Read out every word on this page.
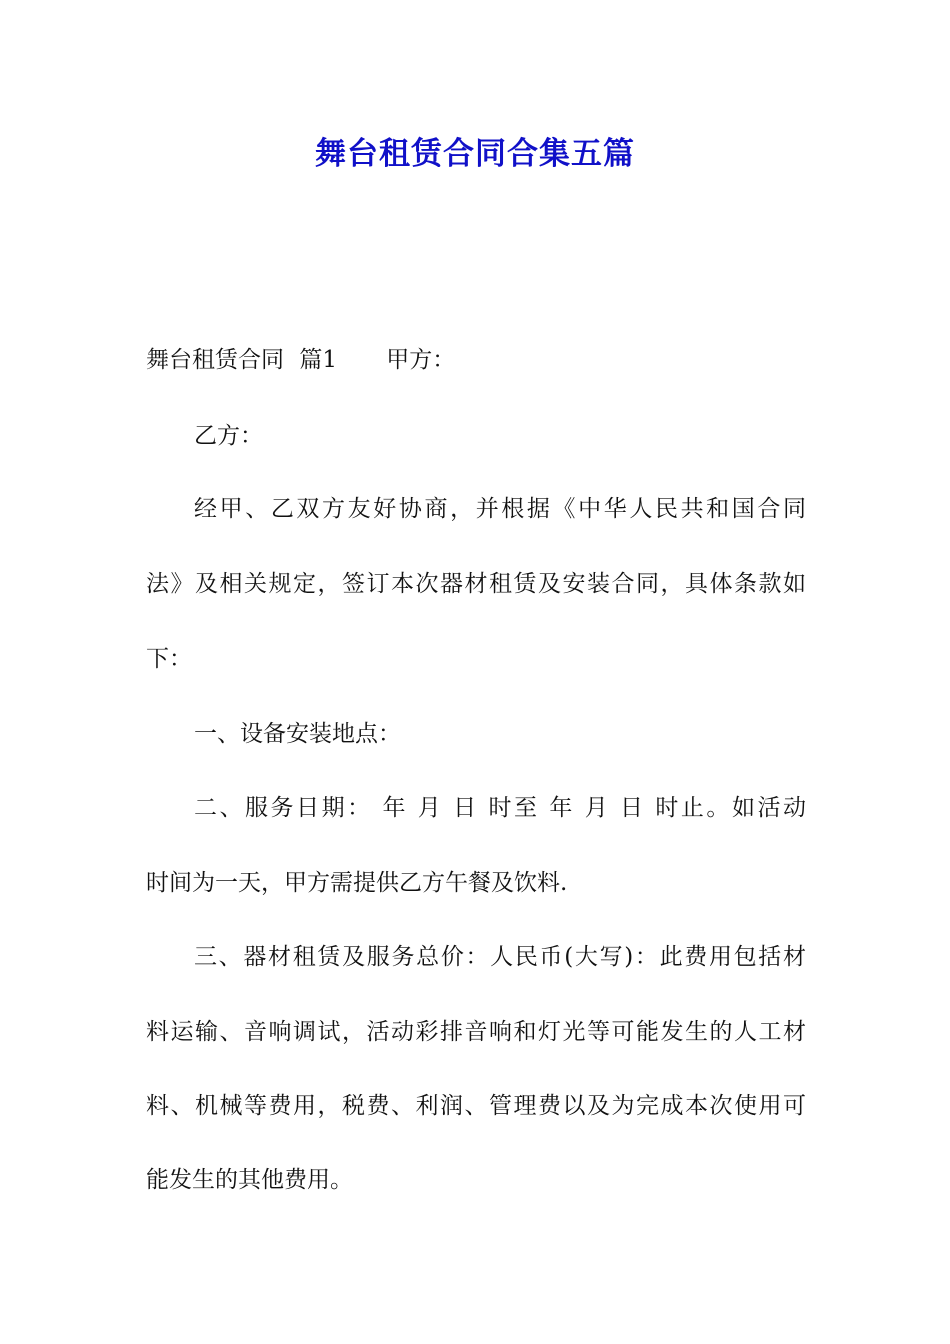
舞台租赁合同合集五篇
舞台租赁合同 篇1 甲方：
乙方：
经甲、乙双方友好协商，并根据《中华人民共和国合同
法》及相关规定，签订本次器材租赁及安装合同，具体条款如
下：
一、设备安装地点：
二、服务日期： 年 月 日 时至 年 月 日 时止。如活动
时间为一天，甲方需提供乙方午餐及饮料.
三、器材租赁及服务总价：人民币(大写)：此费用包括材
料运输、音响调试，活动彩排音响和灯光等可能发生的人工材
料、机械等费用，税费、利润、管理费以及为完成本次使用可
能发生的其他费用。
